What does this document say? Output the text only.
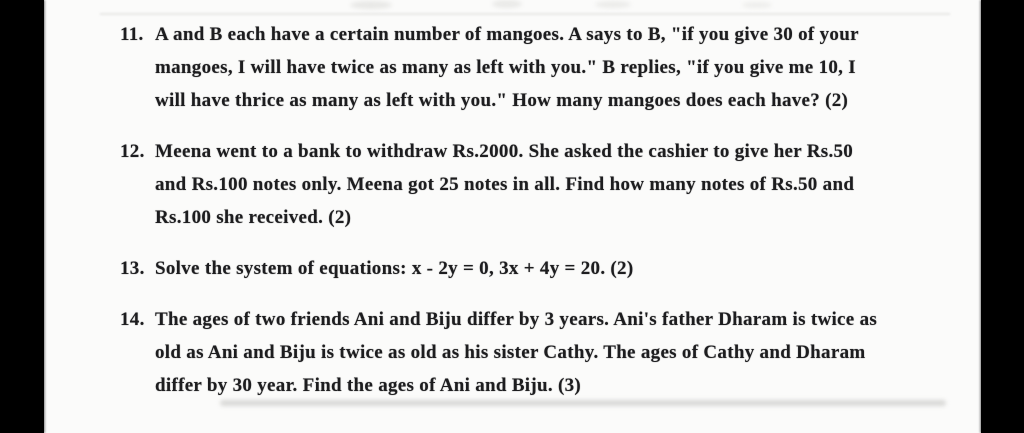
11. A and B each have a certain number of mangoes. A says to B, "if you give 30 of your
mangoes, I will have twice as many as left with you." B replies, "if you give me 10, I
will have thrice as many as left with you." How many mangoes does each have? (2)
12. Meena went to a bank to withdraw Rs.2000. She asked the cashier to give her Rs.50
and Rs.100 notes only. Meena got 25 notes in all. Find how many notes of Rs.50 and
Rs.100 she received. (2)
13. Solve the system of equations: x - 2y = 0, 3x + 4y = 20. (2)
14. The ages of two friends Ani and Biju differ by 3 years. Ani's father Dharam is twice as
old as Ani and Biju is twice as old as his sister Cathy. The ages of Cathy and Dharam
differ by 30 year. Find the ages of Ani and Biju. (3)
